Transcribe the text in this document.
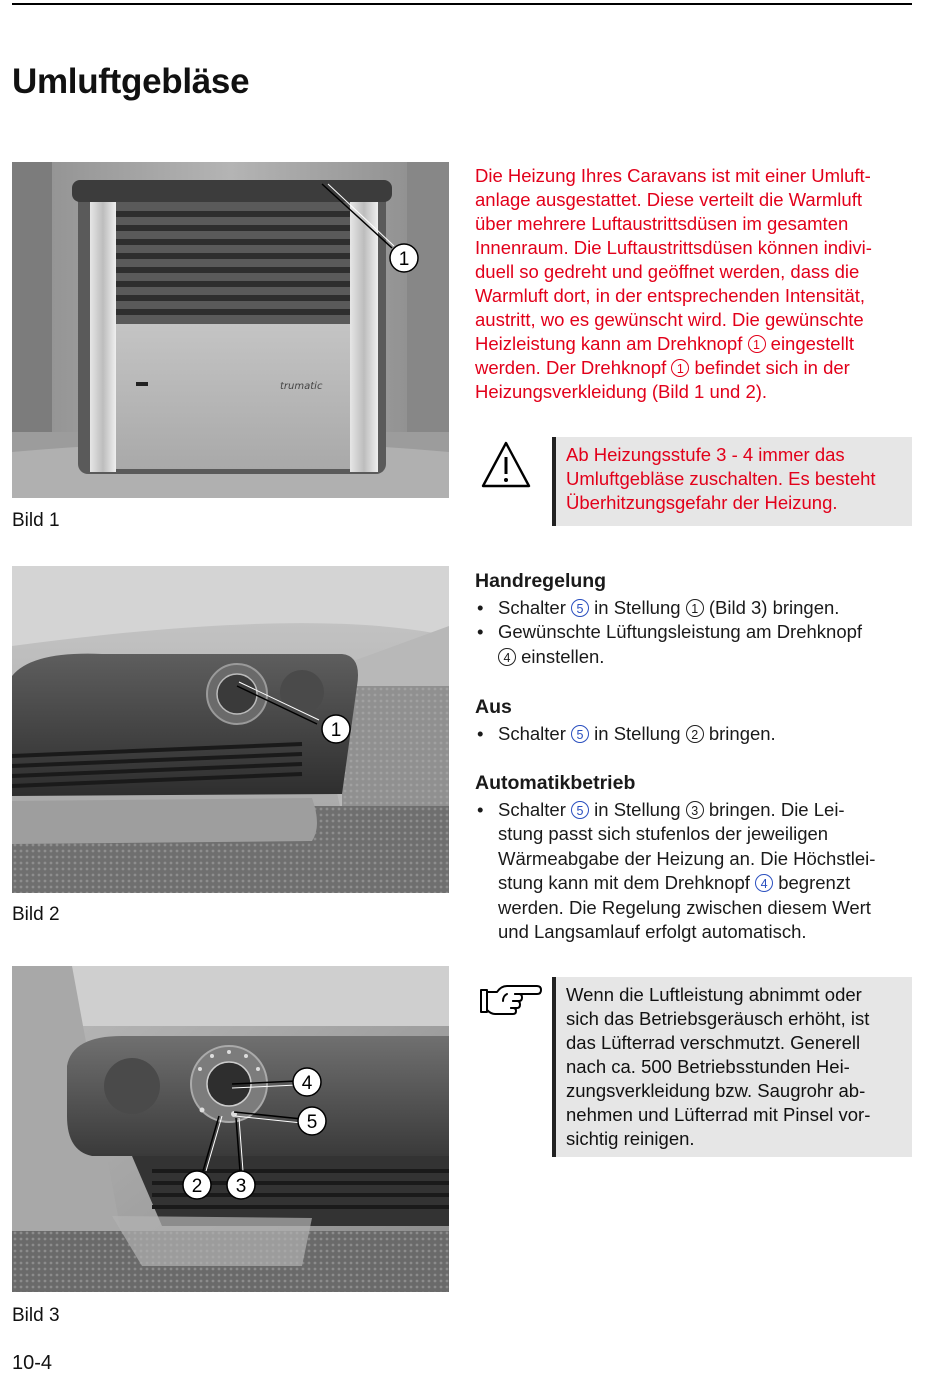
Umluftgebläse
trumatic
1
Bild 1
Die Heizung Ihres Caravans ist mit einer Umluft-
anlage ausgestattet. Diese verteilt die Warmluft
über mehrere Luftaustrittsdüsen im gesamten
Innenraum. Die Luftaustrittsdüsen können indivi-
duell so gedreht und geöffnet werden, dass die
Warmluft dort, in der entsprechenden Intensität,
austritt, wo es gewünscht wird. Die gewünschte
Heizleistung kann am Drehknopf 1 eingestellt
werden. Der Drehknopf 1 befindet sich in der
Heizungsverkleidung (Bild 1 und 2).
Ab Heizungsstufe 3 - 4 immer das
Umluftgebläse zuschalten. Es besteht
Überhitzungsgefahr der Heizung.
1
Bild 2
Handregelung
• Schalter 5 in Stellung 1 (Bild 3) bringen.
• Gewünschte Lüftungsleistung am Drehknopf
4 einstellen.
Aus
• Schalter 5 in Stellung 2 bringen.
Automatikbetrieb
• Schalter 5 in Stellung 3 bringen. Die Lei-
stung passt sich stufenlos der jeweiligen
Wärmeabgabe der Heizung an. Die Höchstlei-
stung kann mit dem Drehknopf 4 begrenzt
werden. Die Regelung zwischen diesem Wert
und Langsamlauf erfolgt automatisch.
Wenn die Luftleistung abnimmt oder
sich das Betriebsgeräusch erhöht, ist
das Lüfterrad verschmutzt. Generell
nach ca. 500 Betriebsstunden Hei-
zungsverkleidung bzw. Saugrohr ab-
nehmen und Lüfterrad mit Pinsel vor-
sichtig reinigen.
4
5
2 3
Bild 3
10-4
